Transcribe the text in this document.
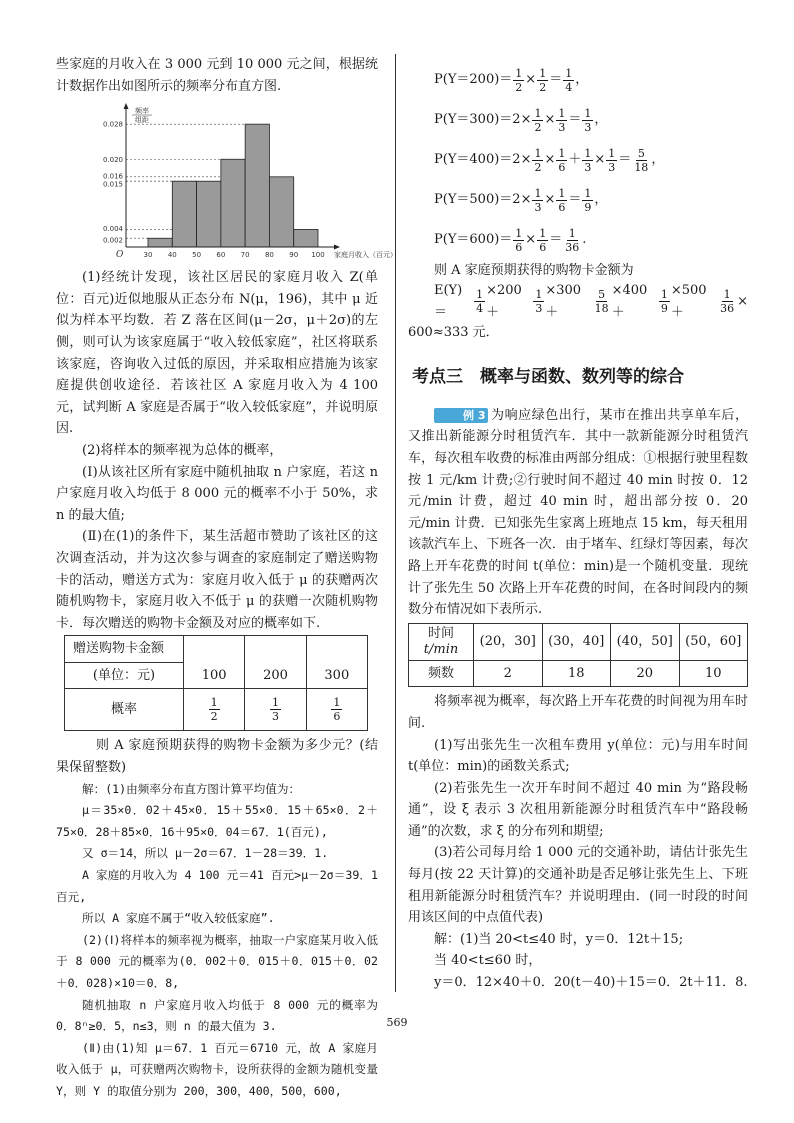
些家庭的月收入在 3 000 元到 10 000 元之间，根据统计数据作出如图所示的频率分布直方图.

频率
组距
0.028
0.020
0.016
0.015
0.004
0.002
30 40 50 60 70 80 90 100
O	家庭月收入（百元）

(1)经统计发现，该社区居民的家庭月收入 Z(单位：百元)近似地服从正态分布 N(μ，196)，其中 μ 近似为样本平均数．若 Z 落在区间(μ－2σ，μ＋2σ)的左侧，则可认为该家庭属于“收入较低家庭”，社区将联系该家庭，咨询收入过低的原因，并采取相应措施为该家庭提供创收途径．若该社区 A 家庭月收入为 4 100 元，试判断 A 家庭是否属于“收入较低家庭”，并说明原因.

(2)将样本的频率视为总体的概率，

(Ⅰ)从该社区所有家庭中随机抽取 n 户家庭，若这 n 户家庭月收入均低于 8 000 元的概率不小于 50%，求 n 的最大值;

(Ⅱ)在(1)的条件下，某生活超市赞助了该社区的这次调查活动，并为这次参与调查的家庭制定了赠送购物卡的活动，赠送方式为：家庭月收入低于 μ 的获赠两次随机购物卡，家庭月收入不低于 μ 的获赠一次随机购物卡．每次赠送的购物卡金额及对应的概率如下.

赠送购物卡金额			
(单位：元)	100	200	300
概率	$\frac{1}{2}$	$\frac{1}{3}$	$\frac{1}{6}$

则 A 家庭预期获得的购物卡金额为多少元？(结果保留整数)

解：(1)由频率分布直方图计算平均值为：

μ＝35×0．02＋45×0．15＋55×0．15＋65×0．2＋75×0．28＋85×0．16＋95×0．04＝67．1(百元),

又 σ＝14，所以 μ－2σ＝67．1－28＝39．1.

A 家庭的月收入为 4 100 元＝41 百元>μ－2σ＝39．1 百元,

所以 A 家庭不属于“收入较低家庭”.

(2)(Ⅰ)将样本的频率视为概率，抽取一户家庭某月收入低于 8 000 元的概率为(0．002＋0．015＋0．015＋0．02＋0．028)×10＝0．8,

随机抽取 n 户家庭月收入均低于 8 000 元的概率为 0．8ⁿ≥0．5，n≤3，则 n 的最大值为 3.

(Ⅱ)由(1)知 μ＝67．1 百元＝6710 元，故 A 家庭月收入低于 μ，可获赠两次购物卡，设所获得的金额为随机变量 Y，则 Y 的取值分别为 200，300，400，500，600,

$P(Y=200)= \frac{1}{2} \times \frac{1}{2} = \frac{1}{4}$ ，
$P(Y=300)= 2\times \frac{1}{2} \times \frac{1}{3} = \frac{1}{3}$ ，
$P(Y=400)= 2\times \frac{1}{2} \times \frac{1}{6} + \frac{1}{3} \times \frac{1}{3} = \frac{5}{18}$ ，
$P(Y=500)= 2\times \frac{1}{3} \times \frac{1}{6} = \frac{1}{9}$ ，
$P(Y=600)= \frac{1}{6} \times \frac{1}{6} = \frac{1}{36}$ .

则 A 家庭预期获得的购物卡金额为

E(Y)＝	$\frac{1}{4} \times 200+$	$\frac{1}{3} \times 300+$	$\frac{5}{18} \times 400+$	$\frac{1}{9} \times 500+$	$\frac{1}{36}$ ×

600≈333 元．

考点三　概率与函数、数列等的综合

例 3 为响应绿色出行，某市在推出共享单车后，又推出新能源分时租赁汽车．其中一款新能源分时租赁汽车，每次租车收费的标准由两部分组成：①根据行驶里程数按 1 元/km 计费;②行驶时间不超过 40 min 时按 0．12 元/min 计费，超过 40 min 时，超出部分按 0．20 元/min 计费．已知张先生家离上班地点 15 km，每天租用该款汽车上、下班各一次．由于堵车、红绿灯等因素，每次路上开车花费的时间 t(单位：min)是一个随机变量．现统计了张先生 50 次路上开车花费的时间，在各时间段内的频数分布情况如下表所示.

时间
t/min	(20，30]	(30，40]	(40，50]	(50，60]
频数	2	18	20	10

将频率视为概率，每次路上开车花费的时间视为用车时间.

(1)写出张先生一次租车费用 y(单位：元)与用车时间 t(单位：min)的函数关系式;

(2)若张先生一次开车时间不超过 40 min 为“路段畅通”，设 ξ 表示 3 次租用新能源分时租赁汽车中“路段畅通”的次数，求 ξ 的分布列和期望;

(3)若公司每月给 1 000 元的交通补助，请估计张先生每月(按 22 天计算)的交通补助是否足够让张先生上、下班租用新能源分时租赁汽车？并说明理由．(同一时段的时间用该区间的中点值代表)

解：(1)当 20<t≤40 时，y＝0．12t＋15;

当 40<t≤60 时，

y＝0．12×40＋0．20(t－40)＋15＝0．2t＋11．8.

569
